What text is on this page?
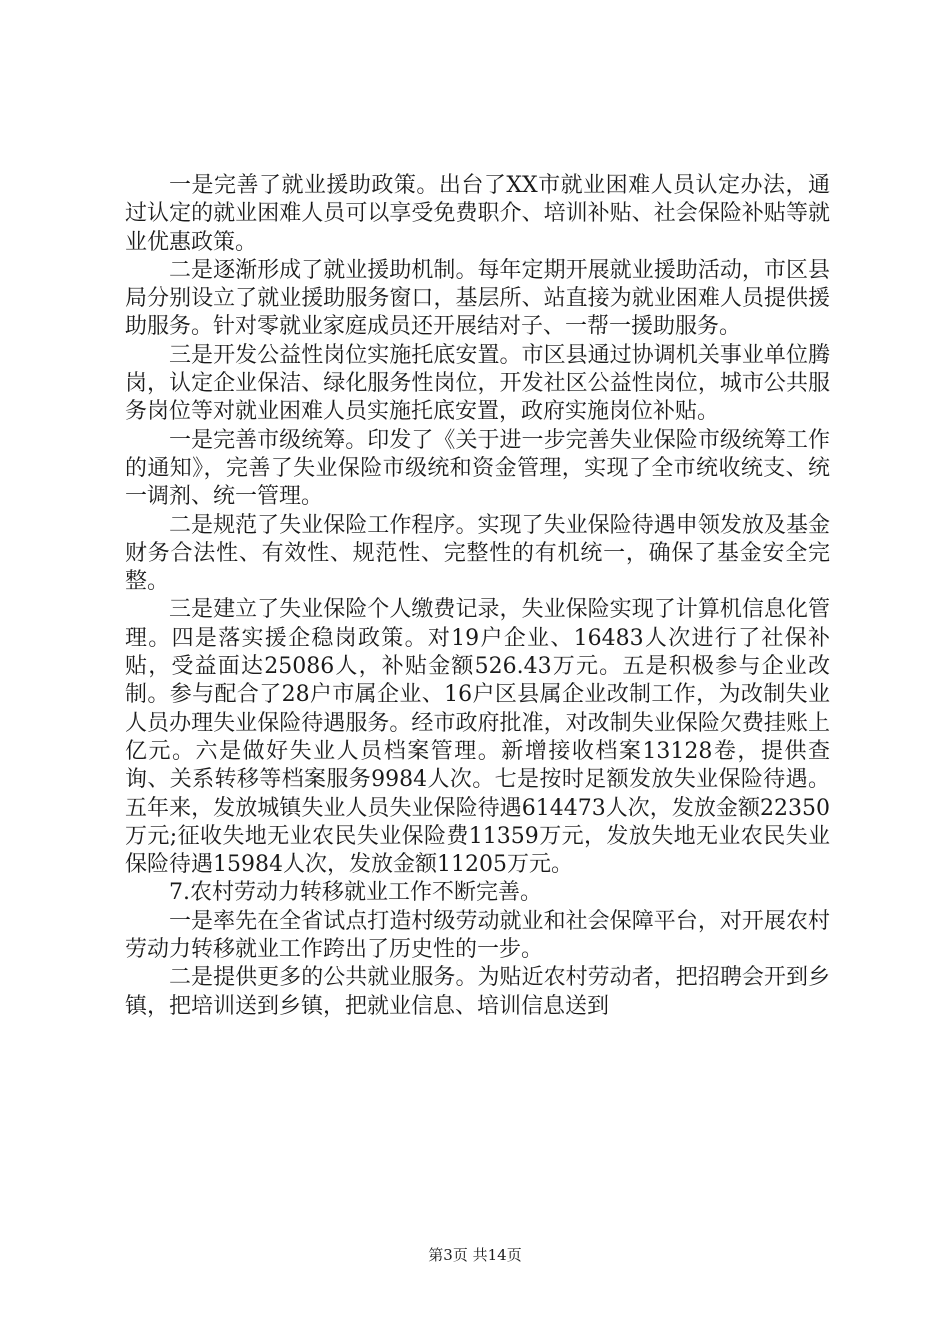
一是完善了就业援助政策。出台了XX市就业困难人员认定办法，通过认定的就业困难人员可以享受免费职介、培训补贴、社会保险补贴等就业优惠政策。

二是逐渐形成了就业援助机制。每年定期开展就业援助活动，市区县局分别设立了就业援助服务窗口，基层所、站直接为就业困难人员提供援助服务。针对零就业家庭成员还开展结对子、一帮一援助服务。

三是开发公益性岗位实施托底安置。市区县通过协调机关事业单位腾岗，认定企业保洁、绿化服务性岗位，开发社区公益性岗位，城市公共服务岗位等对就业困难人员实施托底安置，政府实施岗位补贴。

一是完善市级统筹。印发了《关于进一步完善失业保险市级统筹工作的通知》，完善了失业保险市级统和资金管理，实现了全市统收统支、统一调剂、统一管理。

二是规范了失业保险工作程序。实现了失业保险待遇申领发放及基金财务合法性、有效性、规范性、完整性的有机统一，确保了基金安全完整。

三是建立了失业保险个人缴费记录，失业保险实现了计算机信息化管理。四是落实援企稳岗政策。对19户企业、16483人次进行了社保补贴，受益面达25086人，补贴金额526.43万元。五是积极参与企业改制。参与配合了28户市属企业、16户区县属企业改制工作，为改制失业人员办理失业保险待遇服务。经市政府批准，对改制失业保险欠费挂账上亿元。六是做好失业人员档案管理。新增接收档案13128卷，提供查询、关系转移等档案服务9984人次。七是按时足额发放失业保险待遇。五年来，发放城镇失业人员失业保险待遇614473人次，发放金额22350万元;征收失地无业农民失业保险费11359万元，发放失地无业农民失业保险待遇15984人次，发放金额11205万元。

7.农村劳动力转移就业工作不断完善。

一是率先在全省试点打造村级劳动就业和社会保障平台，对开展农村劳动力转移就业工作跨出了历史性的一步。

二是提供更多的公共就业服务。为贴近农村劳动者，把招聘会开到乡镇，把培训送到乡镇，把就业信息、培训信息送到

第3页 共14页
